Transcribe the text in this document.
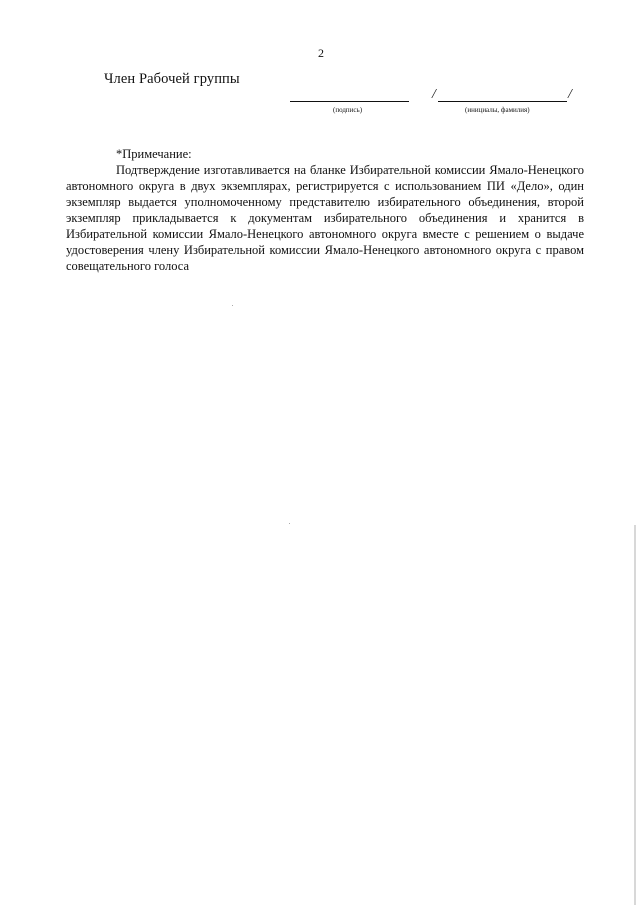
2
Член Рабочей группы
(подпись)
/	/
(инициалы, фамилия)
*Примечание:

Подтверждение изготавливается на бланке Избирательной комиссии Ямало-Ненецкого автономного округа в двух экземплярах, регистрируется с использованием ПИ «Дело», один экземпляр выдается уполномоченному представителю избирательного объединения, второй экземпляр прикладывается к документам избирательного объединения и хранится в Избирательной комиссии Ямало-Ненецкого автономного округа вместе с решением о выдаче удостоверения члену Избирательной комиссии Ямало-Ненецкого автономного округа с правом совещательного голоса
